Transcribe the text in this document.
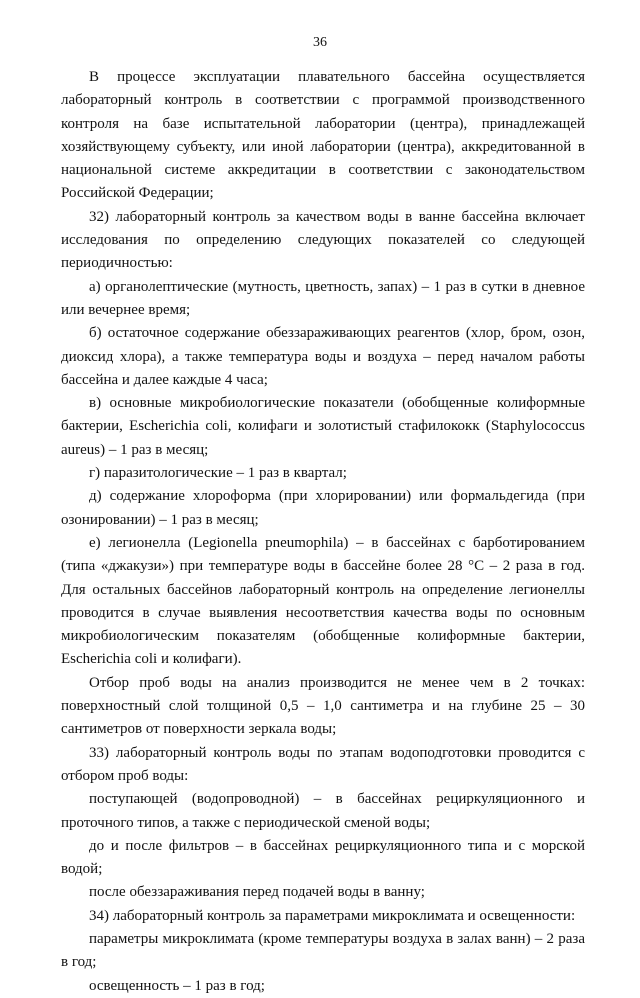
36

В процессе эксплуатации плавательного бассейна осуществляется лабораторный контроль в соответствии с программой производственного контроля на базе испытательной лаборатории (центра), принадлежащей хозяйствующему субъекту, или иной лаборатории (центра), аккредитованной в национальной системе аккредитации в соответствии с законодательством Российской Федерации;

32) лабораторный контроль за качеством воды в ванне бассейна включает исследования по определению следующих показателей со следующей периодичностью:

а) органолептические (мутность, цветность, запах) – 1 раз в сутки в дневное или вечернее время;

б) остаточное содержание обеззараживающих реагентов (хлор, бром, озон, диоксид хлора), а также температура воды и воздуха – перед началом работы бассейна и далее каждые 4 часа;

в) основные микробиологические показатели (обобщенные колиформные бактерии, Escherichia coli, колифаги и золотистый стафилококк (Staphylococcus aureus) – 1 раз в месяц;

г) паразитологические – 1 раз в квартал;

д) содержание хлороформа (при хлорировании) или формальдегида (при озонировании) – 1 раз в месяц;

е) легионелла (Legionella pneumophila) – в бассейнах с барботированием (типа «джакузи») при температуре воды в бассейне более 28 °С – 2 раза в год. Для остальных бассейнов лабораторный контроль на определение легионеллы проводится в случае выявления несоответствия качества воды по основным микробиологическим показателям (обобщенные колиформные бактерии, Escherichia coli и колифаги).

Отбор проб воды на анализ производится не менее чем в 2 точках: поверхностный слой толщиной 0,5 – 1,0 сантиметра и на глубине 25 – 30 сантиметров от поверхности зеркала воды;

33) лабораторный контроль воды по этапам водоподготовки проводится с отбором проб воды:

поступающей (водопроводной) – в бассейнах рециркуляционного и проточного типов, а также с периодической сменой воды;

до и после фильтров – в бассейнах рециркуляционного типа и с морской водой;

после обеззараживания перед подачей воды в ванну;

34) лабораторный контроль за параметрами микроклимата и освещенности:

параметры микроклимата (кроме температуры воздуха в залах ванн) – 2 раза в год;

освещенность – 1 раз в год;
